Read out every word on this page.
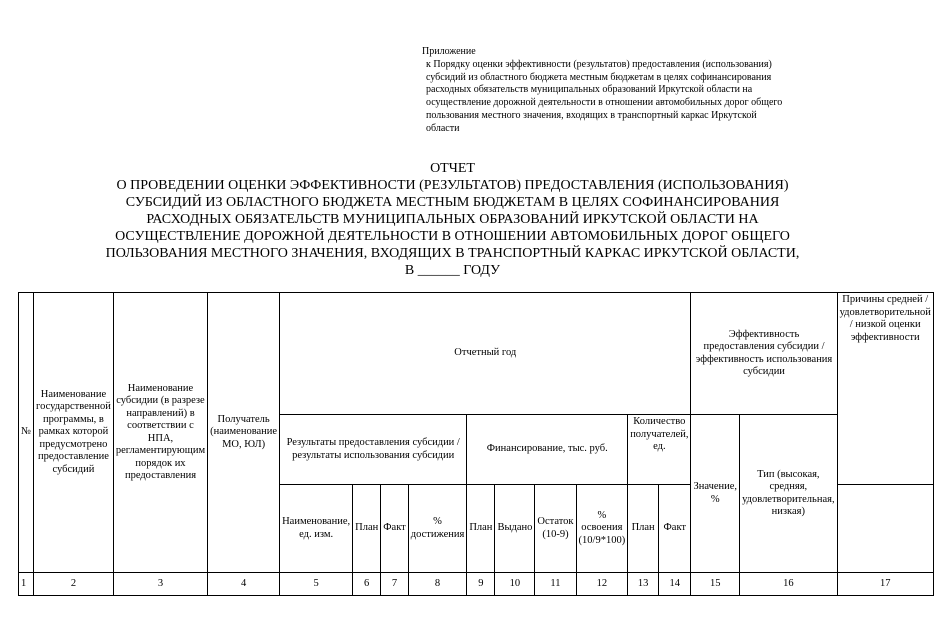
Приложение
к Порядку оценки эффективности (результатов) предоставления (использования)
субсидий из областного бюджета местным бюджетам в целях софинансирования
расходных обязательств муниципальных образований Иркутской области на
осуществление дорожной деятельности в отношении автомобильных дорог общего
пользования местного значения, входящих в транспортный каркас Иркутской
области
ОТЧЕТ
О ПРОВЕДЕНИИ ОЦЕНКИ ЭФФЕКТИВНОСТИ (РЕЗУЛЬТАТОВ) ПРЕДОСТАВЛЕНИЯ (ИСПОЛЬЗОВАНИЯ)
СУБСИДИЙ ИЗ ОБЛАСТНОГО БЮДЖЕТА МЕСТНЫМ БЮДЖЕТАМ В ЦЕЛЯХ СОФИНАНСИРОВАНИЯ
РАСХОДНЫХ ОБЯЗАТЕЛЬСТВ МУНИЦИПАЛЬНЫХ ОБРАЗОВАНИЙ ИРКУТСКОЙ ОБЛАСТИ НА
ОСУЩЕСТВЛЕНИЕ ДОРОЖНОЙ ДЕЯТЕЛЬНОСТИ В ОТНОШЕНИИ АВТОМОБИЛЬНЫХ ДОРОГ ОБЩЕГО
ПОЛЬЗОВАНИЯ МЕСТНОГО ЗНАЧЕНИЯ, ВХОДЯЩИХ В ТРАНСПОРТНЫЙ КАРКАС ИРКУТСКОЙ ОБЛАСТИ,
В ______ ГОДУ
№	Наименование государственной программы, в рамках которой предусмотрено предоставление субсидий	Наименование субсидии (в разрезе направлений) в соответствии с НПА, регламентирующим порядок их предоставления	Получатель (наименование МО, ЮЛ)	Отчетный год										Эффективность предоставления субсидии / эффективность использования субсидии		Причины средней / удовлетворительной / низкой оценки эффективности
				Результаты предоставления субсидии / результаты использования субсидии				Финансирование, тыс. руб.				Количество получателей, ед.		Значение, %	Тип (высокая, средняя, удовлетворительная, низкая)	
				Наименование, ед. изм.	План	Факт	% достижения	План	Выдано	Остаток (10-9)	% освоения (10/9*100)	План	Факт			
1	2	3	4	5	6	7	8	9	10	11	12	13	14	15	16	17
